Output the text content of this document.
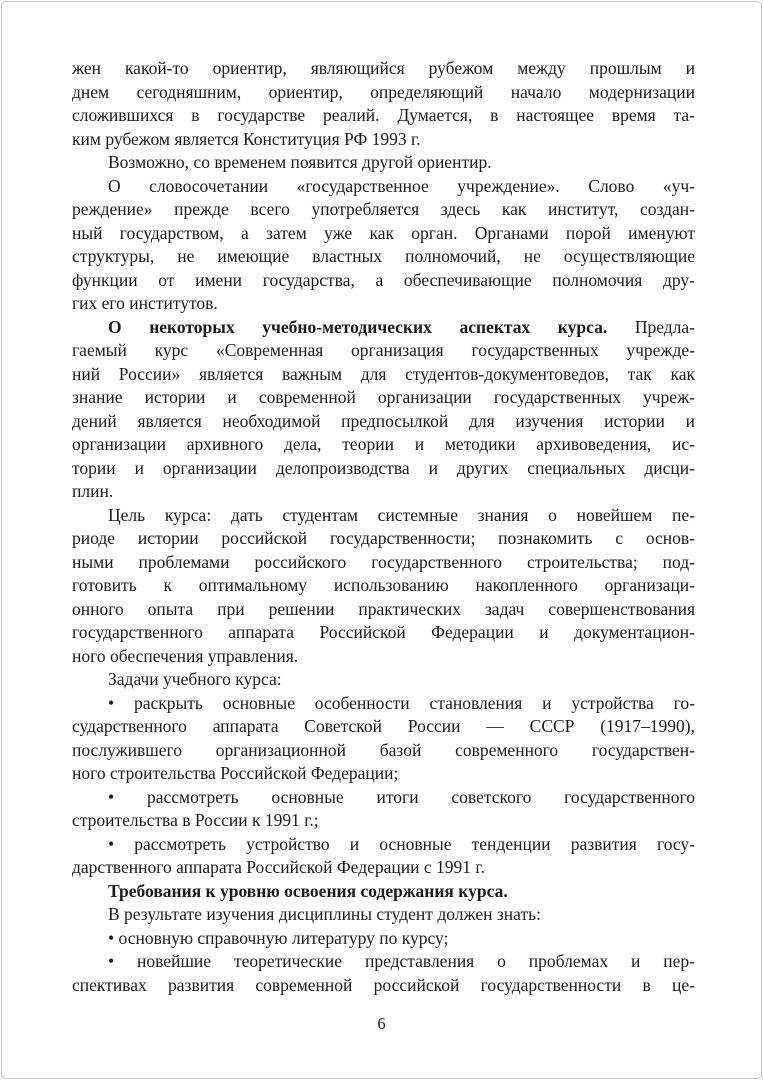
жен какой-то ориентир, являющийся рубежом между прошлым и
днем сегодняшним, ориентир, определяющий начало модернизации
сложившихся в государстве реалий. Думается, в настоящее время та-
ким рубежом является Конституция РФ 1993 г.
Возможно, со временем появится другой ориентир.
О словосочетании «государственное учреждение». Слово «уч-
реждение» прежде всего употребляется здесь как институт, создан-
ный государством, а затем уже как орган. Органами порой именуют
структуры, не имеющие властных полномочий, не осуществляющие
функции от имени государства, а обеспечивающие полномочия дру-
гих его институтов.
О некоторых учебно-методических аспектах курса. Предла-
гаемый курс «Современная организация государственных учрежде-
ний России» является важным для студентов-документоведов, так как
знание истории и современной организации государственных учреж-
дений является необходимой предпосылкой для изучения истории и
организации архивного дела, теории и методики архивоведения, ис-
тории и организации делопроизводства и других специальных дисци-
плин.
Цель курса: дать студентам системные знания о новейшем пе-
риоде истории российской государственности; познакомить с основ-
ными проблемами российского государственного строительства; под-
готовить к оптимальному использованию накопленного организаци-
онного опыта при решении практических задач совершенствования
государственного аппарата Российской Федерации и документацион-
ного обеспечения управления.
Задачи учебного курса:
• раскрыть основные особенности становления и устройства го-
сударственного аппарата Советской России — СССР (1917–1990),
послужившего организационной базой современного государствен-
ного строительства Российской Федерации;
• рассмотреть основные итоги советского государственного
строительства в России к 1991 г.;
• рассмотреть устройство и основные тенденции развития госу-
дарственного аппарата Российской Федерации с 1991 г.
Требования к уровню освоения содержания курса.
В результате изучения дисциплины студент должен знать:
• основную справочную литературу по курсу;
• новейшие теоретические представления о проблемах и пер-
спективах развития современной российской государственности в це-
6
